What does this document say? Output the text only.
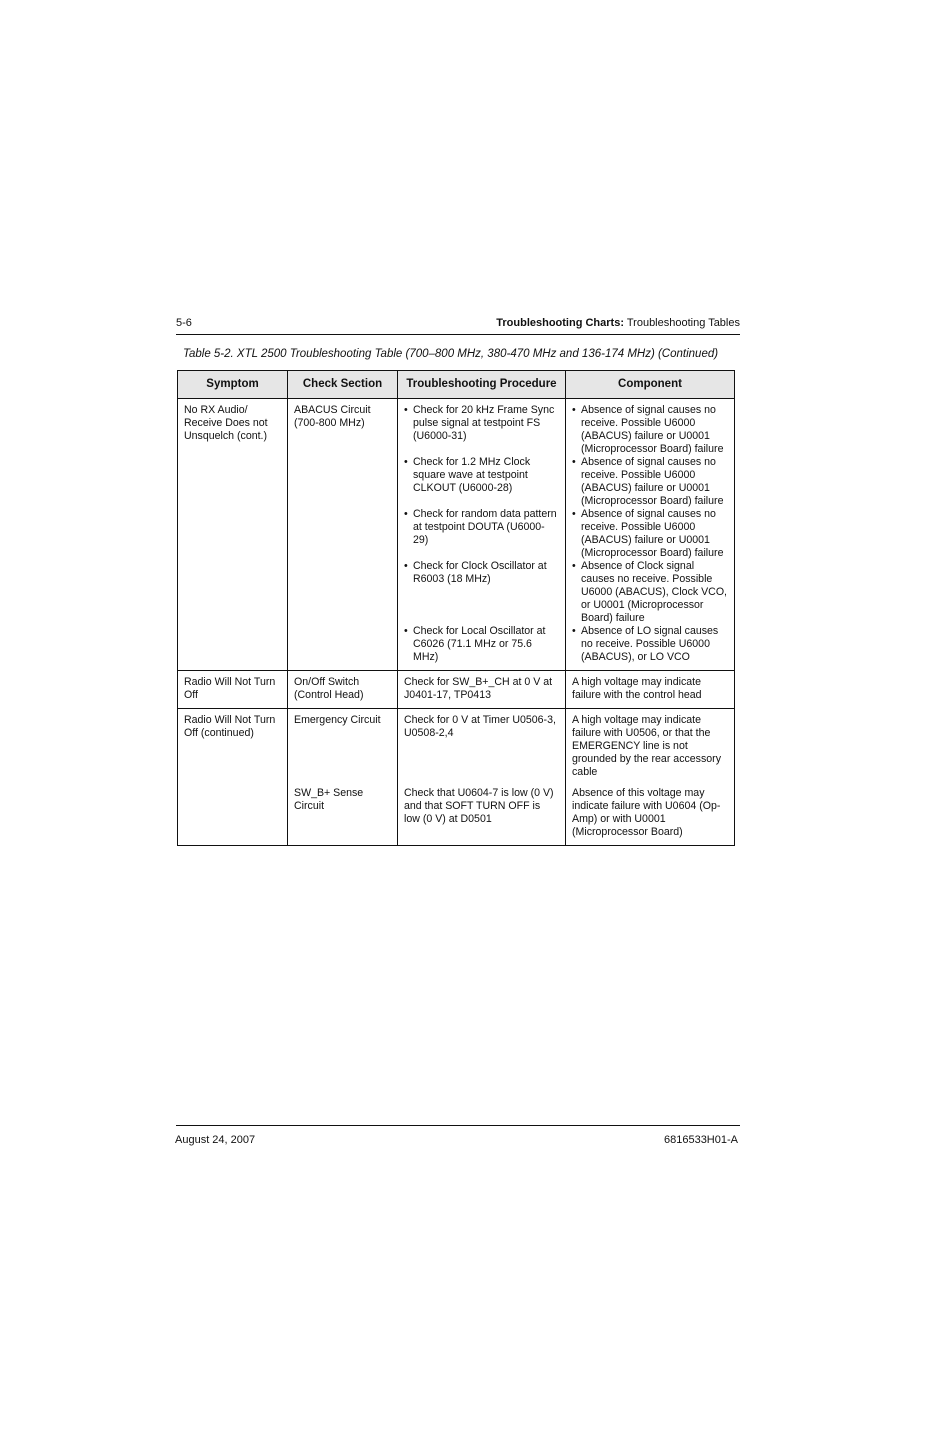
5-6	Troubleshooting Charts: Troubleshooting Tables
Table 5-2. XTL 2500 Troubleshooting Table (700–800 MHz, 380-470 MHz and 136-174 MHz) (Continued)
Symptom	Check Section	Troubleshooting Procedure	Component
No RX Audio/ Receive Does not Unsquelch (cont.)	ABACUS Circuit (700-800 MHz)	• Check for 20 kHz Frame Sync pulse signal at testpoint FS (U6000-31)	• Absence of signal causes no receive. Possible U6000 (ABACUS) failure or U0001 (Microprocessor Board) failure

		• Check for 1.2 MHz Clock square wave at testpoint CLKOUT (U6000-28)	• Absence of signal causes no receive. Possible U6000 (ABACUS) failure or U0001 (Microprocessor Board) failure

		• Check for random data pattern at testpoint DOUTA (U6000-29)	• Absence of signal causes no receive. Possible U6000 (ABACUS) failure or U0001 (Microprocessor Board) failure

		• Check for Clock Oscillator at R6003 (18 MHz)	• Absence of Clock signal causes no receive. Possible U6000 (ABACUS), Clock VCO, or U0001 (Microprocessor Board) failure

		• Check for Local Oscillator at C6026 (71.1 MHz or 75.6 MHz)	• Absence of LO signal causes no receive. Possible U6000 (ABACUS), or LO VCO

Radio Will Not Turn Off	On/Off Switch (Control Head)	Check for SW_B+_CH at 0 V at J0401-17, TP0413	A high voltage may indicate failure with the control head
Radio Will Not Turn Off (continued)	Emergency Circuit	Check for 0 V at Timer U0506-3, U0508-2,4	A high voltage may indicate failure with U0506, or that the EMERGENCY line is not grounded by the rear accessory cable
	SW_B+ Sense Circuit	Check that U0604-7 is low (0 V) and that SOFT TURN OFF is low (0 V) at D0501	Absence of this voltage may indicate failure with U0604 (Op-Amp) or with U0001 (Microprocessor Board)
August 24, 2007	6816533H01-A
